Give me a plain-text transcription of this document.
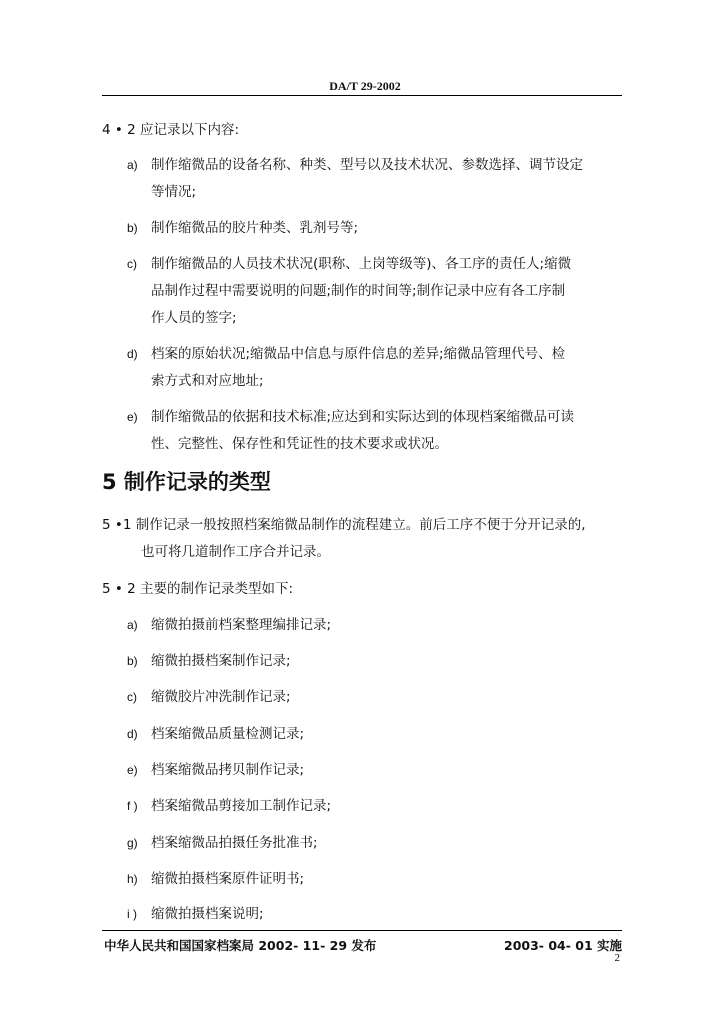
DA/T 29-2002
4 • 2 应记录以下内容:
a) 制作缩微品的设备名称、种类、型号以及技术状况、参数选择、调节设定
等情况;
b) 制作缩微品的胶片种类、乳剂号等;
c) 制作缩微品的人员技术状况(职称、上岗等级等)、各工序的责任人;缩微
品制作过程中需要说明的问题;制作的时间等;制作记录中应有各工序制
作人员的签字;
d) 档案的原始状况;缩微品中信息与原件信息的差异;缩微品管理代号、检
索方式和对应地址;
e) 制作缩微品的依据和技术标准;应达到和实际达到的体现档案缩微品可读
性、完整性、保存性和凭证性的技术要求或状况。
5 制作记录的类型
5 •1 制作记录一般按照档案缩微品制作的流程建立。前后工序不便于分开记录的,
也可将几道制作工序合并记录。
5 • 2 主要的制作记录类型如下:
a) 缩微拍摄前档案整理编排记录;
b) 缩微拍摄档案制作记录;
c) 缩微胶片冲洗制作记录;
d) 档案缩微品质量检测记录;
e) 档案缩微品拷贝制作记录;
f ) 档案缩微品剪接加工制作记录;
g) 档案缩微品拍摄任务批准书;
h) 缩微拍摄档案原件证明书;
i ) 缩微拍摄档案说明;
中华人民共和国国家档案局 2002- 11- 29 发布	2003- 04- 01 实施
2
